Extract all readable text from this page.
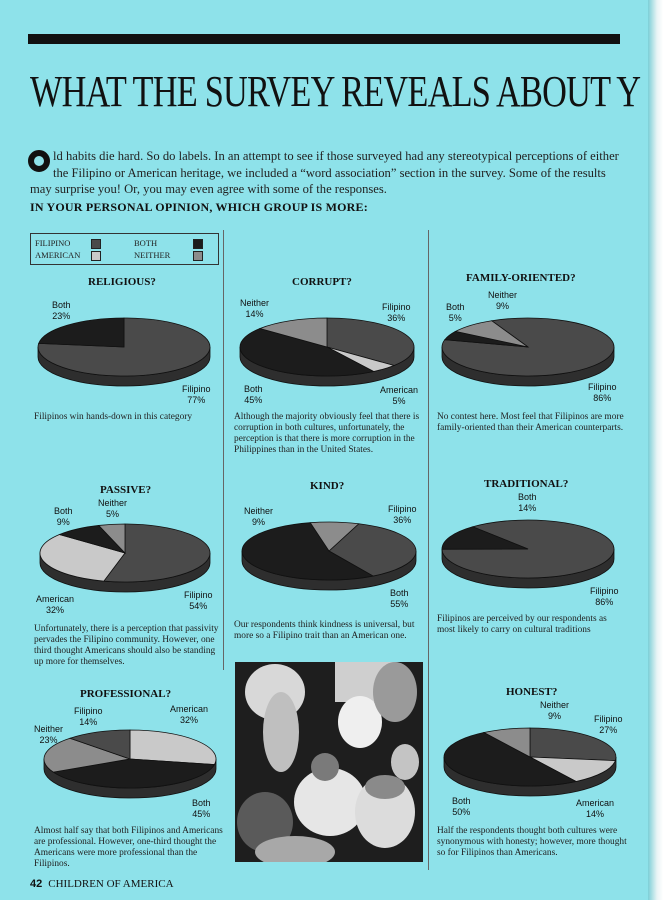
WHAT THE SURVEY REVEALS ABOUT Y
ld habits die hard. So do labels. In an attempt to see if those surveyed had any stereotypical perceptions of either the Filipino or American heritage, we included a “word association” section in the survey. Some of the results may surprise you! Or, you may even agree with some of the responses.
IN YOUR PERSONAL OPINION, WHICH GROUP IS MORE:
FILIPINO	BOTH
AMERICAN	NEITHER
RELIGIOUS?
Both
23%
Filipino
77%
Filipinos win hands-down in this category
CORRUPT?
Neither
14%
Filipino
36%
Both
45%
American
5%
Although the majority obviously feel that there is corruption in both cultures, unfortunately, the perception is that there is more corruption in the Philippines than in the United States.
FAMILY-ORIENTED?
Both
5%
Neither
9%
Filipino
86%
No contest here. Most feel that Filipinos are more family-oriented than their American counterparts.
PASSIVE?
Both
9%
Neither
5%
American
32%
Filipino
54%
Unfortunately, there is a perception that passivity pervades the Filipino community. However, one third thought Americans should also be standing up more for themselves.
KIND?
Neither
9%
Filipino
36%
Both
55%
Our respondents think kindness is universal, but more so a Filipino trait than an American one.
TRADITIONAL?
Both
14%
Filipino
86%
Filipinos are perceived by our respondents as most likely to carry on cultural traditions
PROFESSIONAL?
Filipino
14%
American
32%
Neither
23%
Both
45%
Almost half say that both Filipinos and Americans are professional. However, one-third thought the Americans were more professional than the Filipinos.
HONEST?
Neither
9%	Filipino
27%
Both
50%
American
14%
Half the respondents thought both cultures were synonymous with honesty; however, more thought so for Filipinos than Americans.
42 CHILDREN OF AMERICA
